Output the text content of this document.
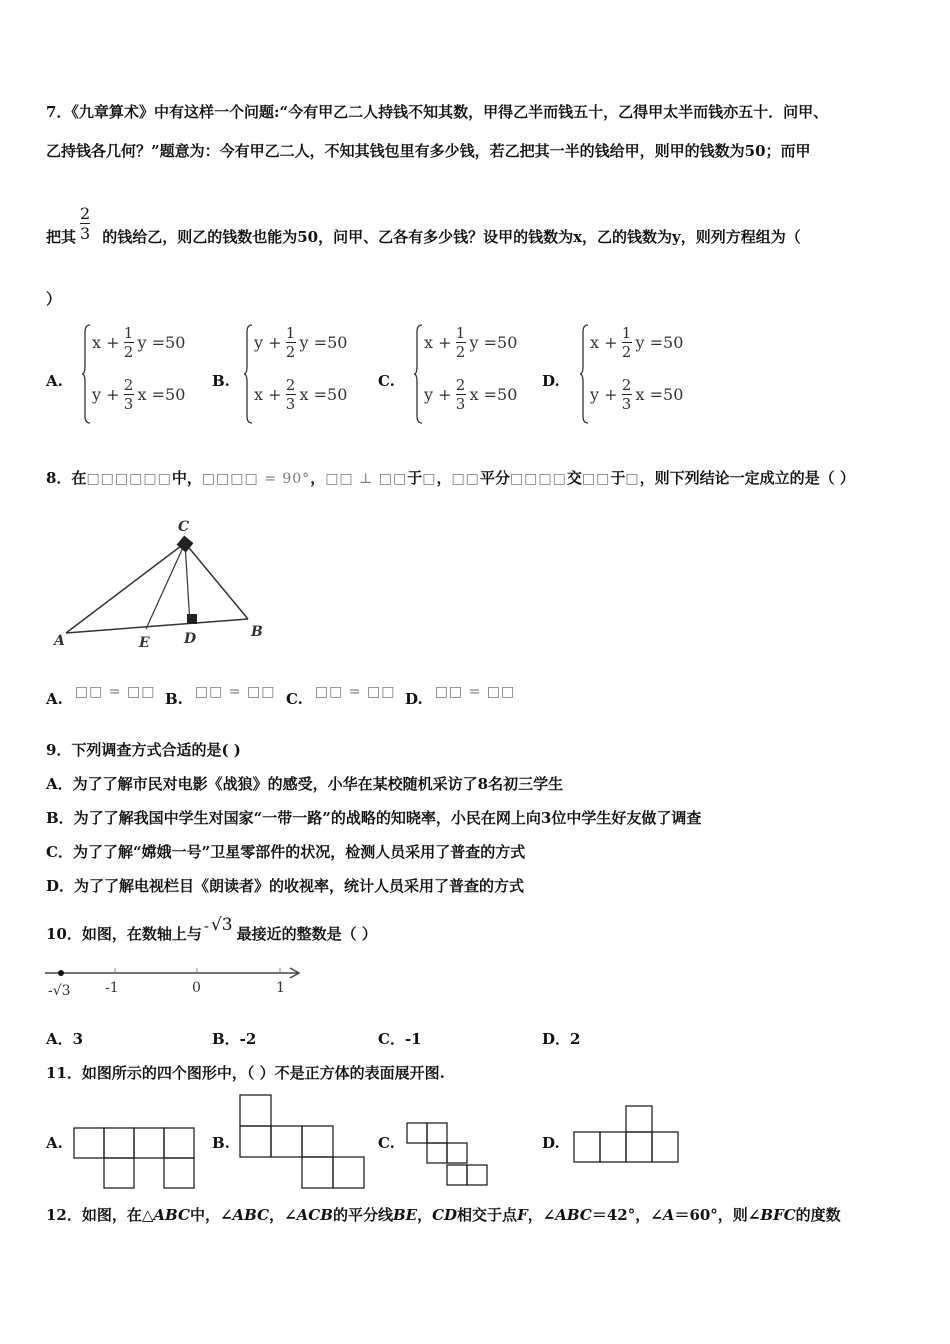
7．《九章算术》中有这样一个问题:“今有甲乙二人持钱不知其数，甲得乙半而钱五十，乙得甲太半而钱亦五十．问甲、
乙持钱各几何？”题意为：今有甲乙二人，不知其钱包里有多少钱，若乙把其一半的钱给甲，则甲的钱数为50；而甲
把其 $\frac{2}{3}$ 的钱给乙，则乙的钱数也能为50，问甲、乙各有多少钱？设甲的钱数为x，乙的钱数为y，则列方程组为（
）
A.
$x + \frac{1}{2}$ y =50
$y + \frac{2}{3}$ x =50
B.
$y + \frac{1}{2}$ y =50
$x + \frac{2}{3}$ x =50
C.
$x + \frac{1}{2}$ y =50
$y + \frac{2}{3}$ x =50
D.
$x + \frac{1}{2}$ y =50
$y + \frac{2}{3}$ x =50
8．在□□□□□□中，□□□□ = 90°，□□ ⊥ □□于□，□□平分□□□□交□□于□，则下列结论一定成立的是（ ）
C
A	E D	B
A. □□ = □□ B. □□ = □□ C. □□ = □□ D. □□ = □□
9．下列调查方式合适的是( )
A．为了了解市民对电影《战狼》的感受，小华在某校随机采访了8名初三学生
B．为了了解我国中学生对国家“一带一路”的战略的知晓率，小民在网上向3位中学生好友做了调查
C．为了了解“嫦娥一号”卫星零部件的状况，检测人员采用了普查的方式
D．为了了解电视栏目《朗读者》的收视率，统计人员采用了普查的方式
10．如图，在数轴上与 - √3 最接近的整数是（ ）
-√3 -1	0	1
A．3	B．-2	C．-1	D．2
11．如图所示的四个图形中，（ ）不是正方体的表面展开图.
A.	B.	C.	D.
12．如图，在△ABC中，∠ABC，∠ACB的平分线BE，CD相交于点F，∠ABC＝42°，∠A＝60°，则∠BFC的度数
